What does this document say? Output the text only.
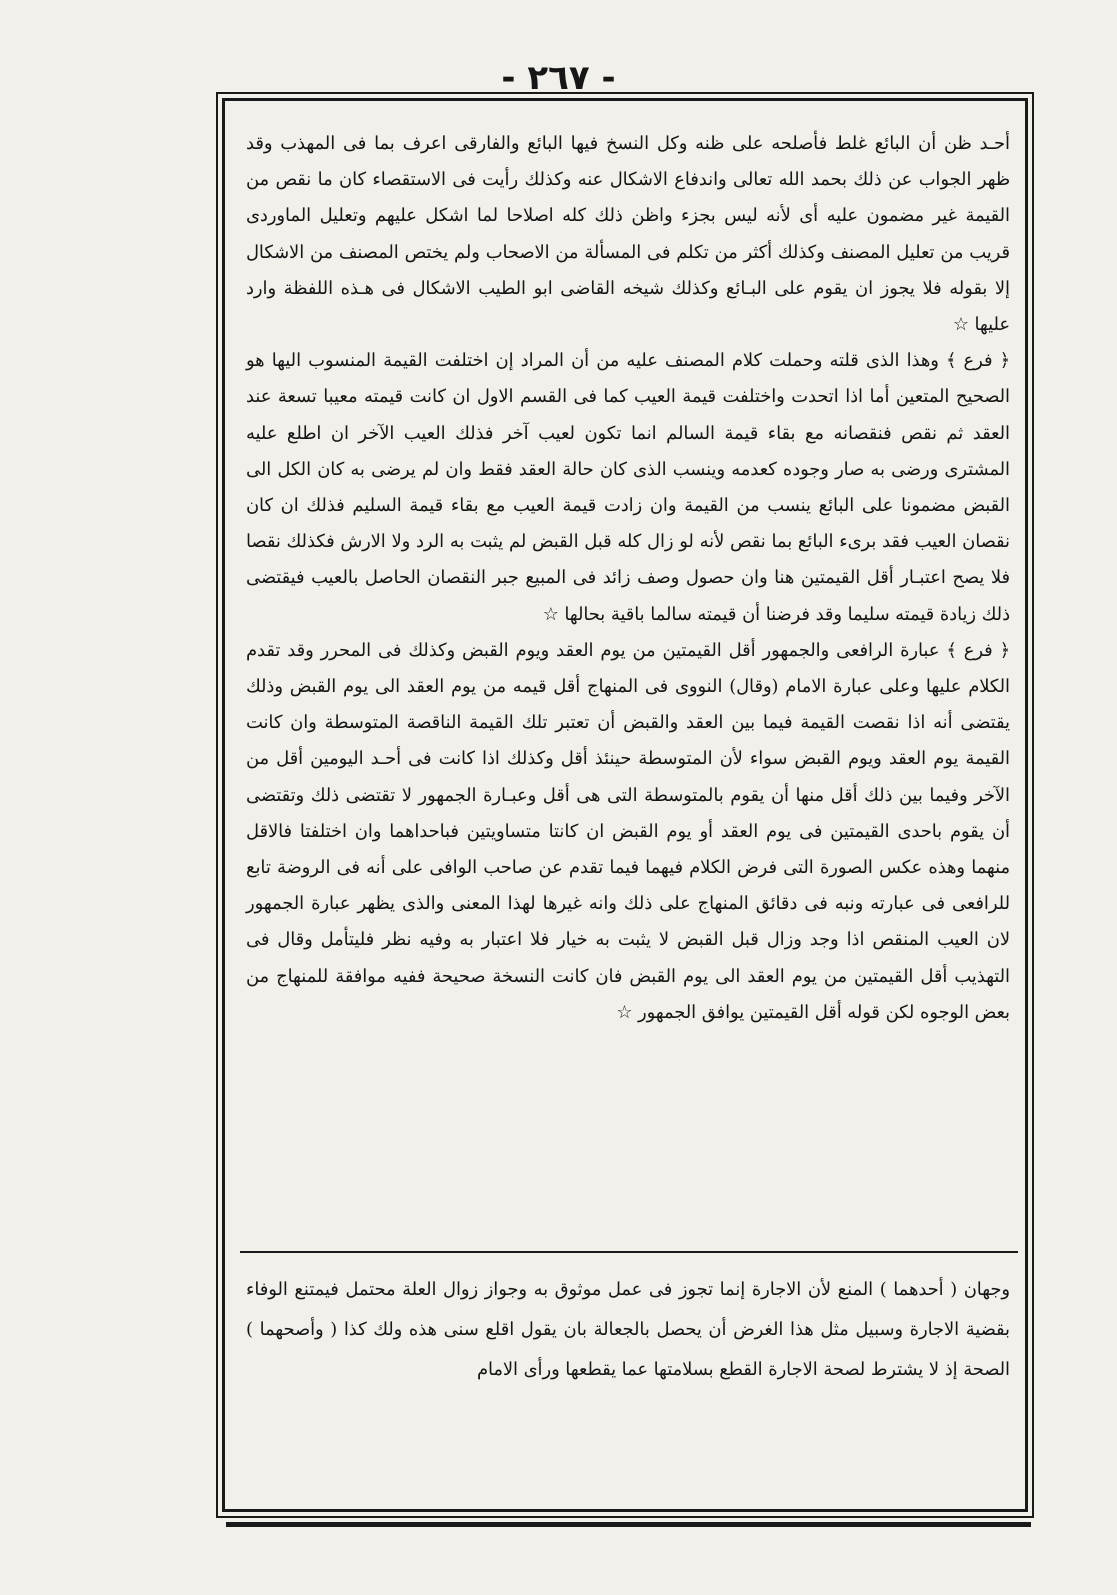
- ٢٦٧ -

أحـد ظن أن البائع غلط فأصلحه على ظنه وكل النسخ فيها البائع والفارقى اعرف بما فى المهذب وقد ظهر الجواب عن ذلك بحمد الله تعالى واندفاع الاشكال عنه وكذلك رأيت فى الاستقصاء كان ما نقص من القيمة غير مضمون عليه أى لأنه ليس بجزء واظن ذلك كله اصلاحا لما اشكل عليهم وتعليل الماوردى قريب من تعليل المصنف وكذلك أكثر من تكلم فى المسألة من الاصحاب ولم يختص المصنف من الاشكال إلا بقوله فلا يجوز ان يقوم على البـائع وكذلك شيخه القاضى ابو الطيب الاشكال فى هـذه اللفظة وارد عليها ☆

﴿ فرع ﴾ وهذا الذى قلته وحملت كلام المصنف عليه من أن المراد إن اختلفت القيمة المنسوب اليها هو الصحيح المتعين أما اذا اتحدت واختلفت قيمة العيب كما فى القسم الاول ان كانت قيمته معيبا تسعة عند العقد ثم نقص فنقصانه مع بقاء قيمة السالم انما تكون لعيب آخر فذلك العيب الآخر ان اطلع عليه المشترى ورضى به صار وجوده كعدمه وينسب الذى كان حالة العقد فقط وان لم يرضى به كان الكل الى القبض مضمونا على البائع ينسب من القيمة وان زادت قيمة العيب مع بقاء قيمة السليم فذلك ان كان نقصان العيب فقد برىء البائع بما نقص لأنه لو زال كله قبل القبض لم يثبت به الرد ولا الارش فكذلك نقصا فلا يصح اعتبـار أقل القيمتين هنا وان حصول وصف زائد فى المبيع جبر النقصان الحاصل بالعيب فيقتضى ذلك زيادة قيمته سليما وقد فرضنا أن قيمته سالما باقية بحالها ☆

﴿ فرع ﴾ عبارة الرافعى والجمهور أقل القيمتين من يوم العقد ويوم القبض وكذلك فى المحرر وقد تقدم الكلام عليها وعلى عبارة الامام (وقال) النووى فى المنهاج أقل قيمه من يوم العقد الى يوم القبض وذلك يقتضى أنه اذا نقصت القيمة فيما بين العقد والقبض أن تعتبر تلك القيمة الناقصة المتوسطة وان كانت القيمة يوم العقد ويوم القبض سواء لأن المتوسطة حينئذ أقل وكذلك اذا كانت فى أحـد اليومين أقل من الآخر وفيما بين ذلك أقل منها أن يقوم بالمتوسطة التى هى أقل وعبـارة الجمهور لا تقتضى ذلك وتقتضى أن يقوم باحدى القيمتين فى يوم العقد أو يوم القبض ان كانتا متساويتين فباحداهما وان اختلفتا فالاقل منهما وهذه عكس الصورة التى فرض الكلام فيهما فيما تقدم عن صاحب الوافى على أنه فى الروضة تابع للرافعى فى عبارته ونبه فى دقائق المنهاج على ذلك وانه غيرها لهذا المعنى والذى يظهر عبارة الجمهور لان العيب المنقص اذا وجد وزال قبل القبض لا يثبت به خيار فلا اعتبار به وفيه نظر فليتأمل وقال فى التهذيب أقل القيمتين من يوم العقد الى يوم القبض فان كانت النسخة صحيحة ففيه موافقة للمنهاج من بعض الوجوه لكن قوله أقل القيمتين يوافق الجمهور ☆

وجهان ( أحدهما ) المنع لأن الاجارة إنما تجوز فى عمل موثوق به وجواز زوال العلة محتمل فيمتنع الوفاء بقضية الاجارة وسبيل مثل هذا الغرض أن يحصل بالجعالة بان يقول اقلع سنى هذه ولك كذا ( وأصحهما ) الصحة إذ لا يشترط لصحة الاجارة القطع بسلامتها عما يقطعها ورأى الامام
